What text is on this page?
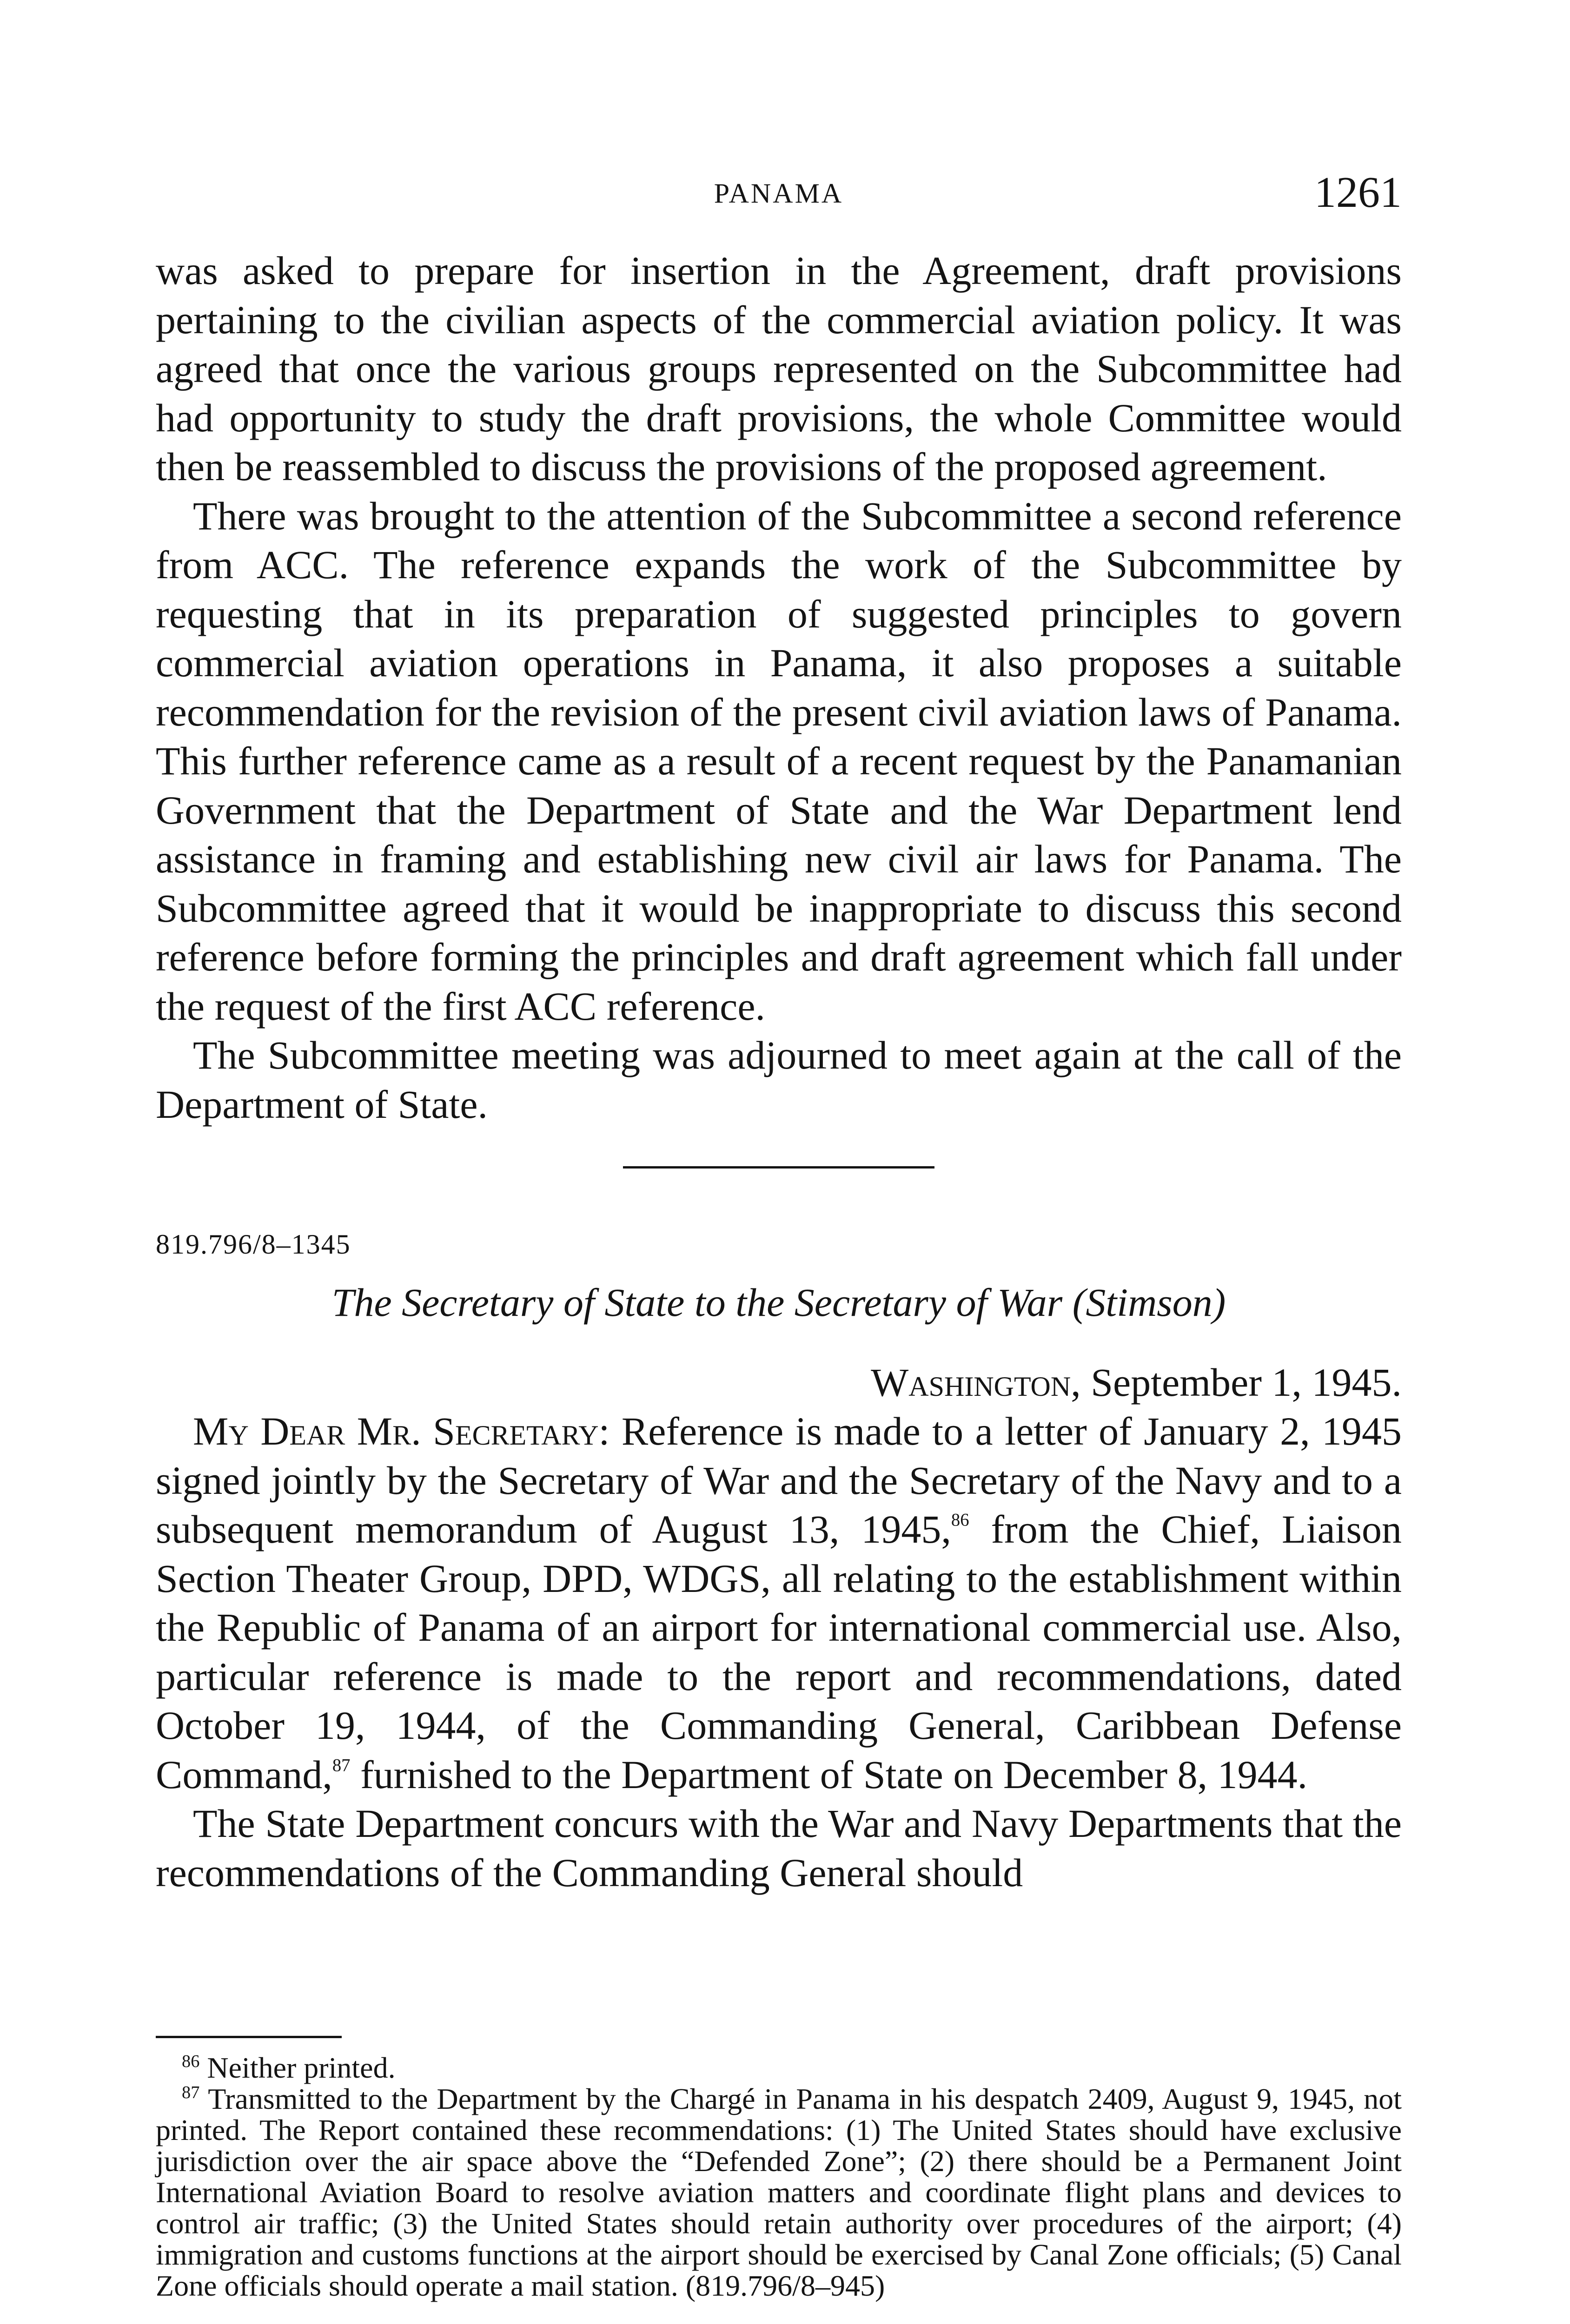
PANAMA	1261

was asked to prepare for insertion in the Agreement, draft provisions pertaining to the civilian aspects of the commercial aviation policy. It was agreed that once the various groups represented on the Subcommittee had had opportunity to study the draft provisions, the whole Committee would then be reassembled to discuss the provisions of the proposed agreement.

There was brought to the attention of the Subcommittee a second reference from ACC. The reference expands the work of the Subcommittee by requesting that in its preparation of suggested principles to govern commercial aviation operations in Panama, it also proposes a suitable recommendation for the revision of the present civil aviation laws of Panama. This further reference came as a result of a recent request by the Panamanian Government that the Department of State and the War Department lend assistance in framing and establishing new civil air laws for Panama. The Subcommittee agreed that it would be inappropriate to discuss this second reference before forming the principles and draft agreement which fall under the request of the first ACC reference.

The Subcommittee meeting was adjourned to meet again at the call of the Department of State.

819.796/8–1345

The Secretary of State to the Secretary of War (Stimson)

Washington, September 1, 1945.

My Dear Mr. Secretary: Reference is made to a letter of January 2, 1945 signed jointly by the Secretary of War and the Secretary of the Navy and to a subsequent memorandum of August 13, 1945,86 from the Chief, Liaison Section Theater Group, DPD, WDGS, all relating to the establishment within the Republic of Panama of an airport for international commercial use. Also, particular reference is made to the report and recommendations, dated October 19, 1944, of the Commanding General, Caribbean Defense Command,$^{87}$ furnished to the Department of State on December 8, 1944.

The State Department concurs with the War and Navy Departments that the recommendations of the Commanding General should

$^{86}$ Neither printed.

$^{87}$ Transmitted to the Department by the Chargé in Panama in his despatch 2409, August 9, 1945, not printed. The Report contained these recommendations: (1) The United States should have exclusive jurisdiction over the air space above the “Defended Zone”; (2) there should be a Permanent Joint International Aviation Board to resolve aviation matters and coordinate flight plans and devices to control air traffic; (3) the United States should retain authority over procedures of the airport; (4) immigration and customs functions at the airport should be exercised by Canal Zone officials; (5) Canal Zone officials should operate a mail station. (819.796/8–945)
